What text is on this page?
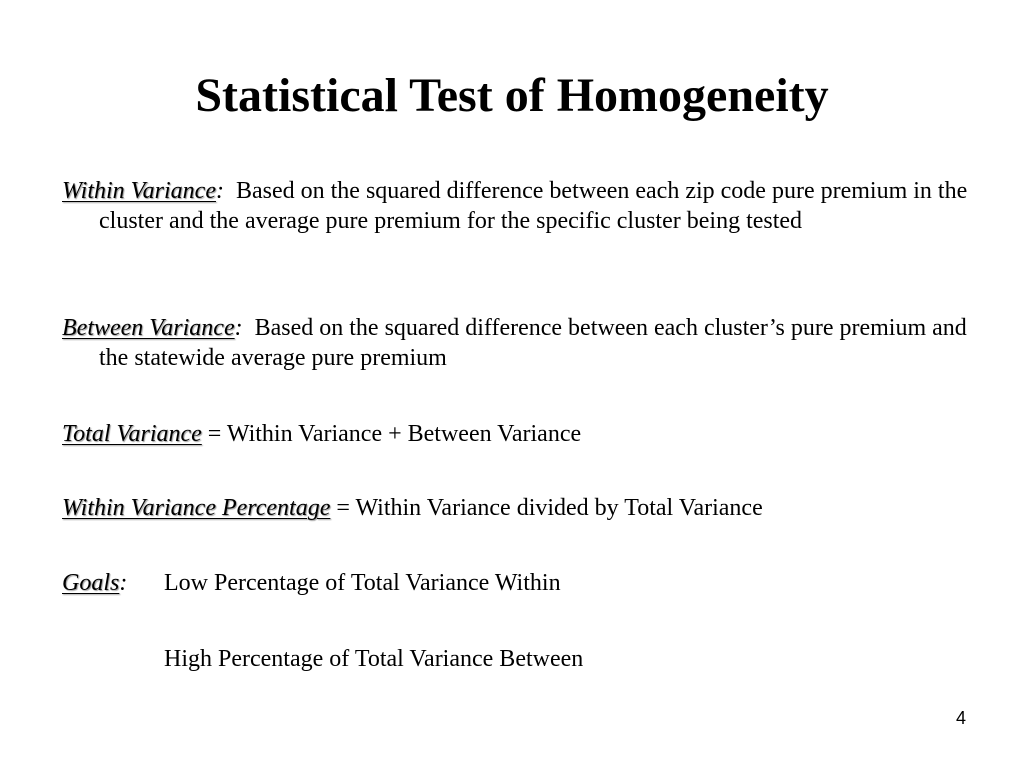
Statistical Test of Homogeneity

Within Variance:  Based on the squared difference between each zip code pure premium in the cluster and the average pure premium for the specific cluster being tested

Between Variance:  Based on the squared difference between each cluster’s pure premium and the statewide average pure premium

Total Variance = Within Variance + Between Variance

Within Variance Percentage = Within Variance divided by Total Variance

Goals: Low Percentage of Total Variance Within
High Percentage of Total Variance Between
4
